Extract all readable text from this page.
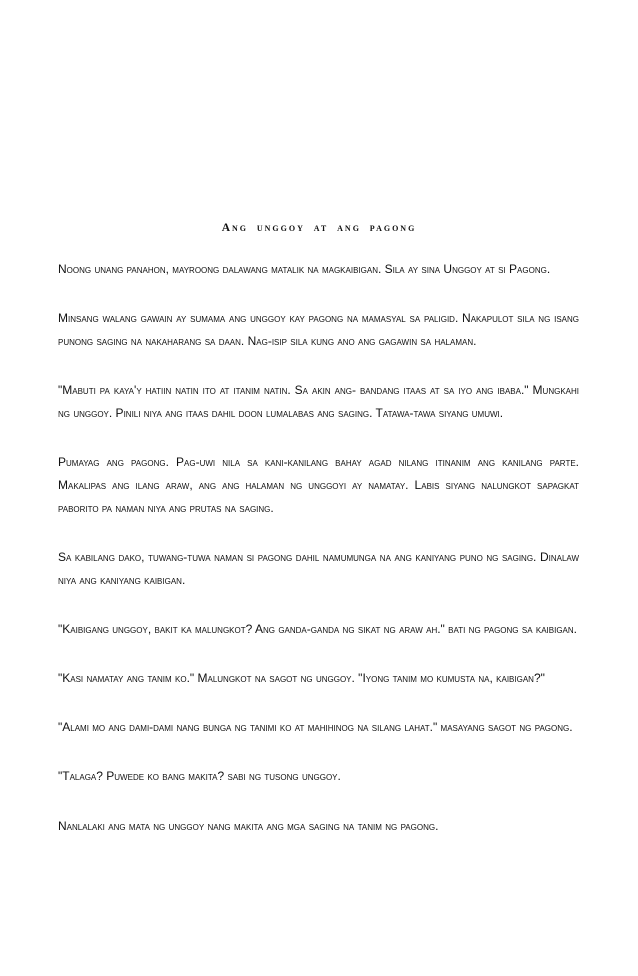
Ang unggoy at ang pagong

Noong unang panahon, mayroong dalawang matalik na magkaibigan. Sila ay sina Unggoy at si Pagong.

Minsang walang gawain ay sumama ang unggoy kay pagong na mamasyal sa paligid. Nakapulot sila ng isang punong saging na nakaharang sa daan. Nag-isip sila kung ano ang gagawin sa halaman.

"Mabuti pa kaya'y hatiin natin ito at itanim natin. Sa akin ang- bandang itaas at sa iyo ang ibaba." Mungkahi ng unggoy. Pinili niya ang itaas dahil doon lumalabas ang saging. Tatawa-tawa siyang umuwi.

Pumayag ang pagong. Pag-uwi nila sa kani-kanilang bahay agad nilang itinanim ang kanilang parte. Makalipas ang ilang araw, ang ang halaman ng unggoyi ay namatay. Labis siyang nalungkot sapagkat paborito pa naman niya ang prutas na saging.

Sa kabilang dako, tuwang-tuwa naman si pagong dahil namumunga na ang kaniyang puno ng saging. Dinalaw niya ang kaniyang kaibigan.

"Kaibigang unggoy, bakit ka malungkot? Ang ganda-ganda ng sikat ng araw ah." bati ng pagong sa kaibigan.

"Kasi namatay ang tanim ko." Malungkot na sagot ng unggoy. "Iyong tanim mo kumusta na, kaibigan?"

"Alami mo ang dami-dami nang bunga ng tanimi ko at mahihinog na silang lahat." masayang sagot ng pagong.

"Talaga? Puwede ko bang makita? sabi ng tusong unggoy.

Nanlalaki ang mata ng unggoy nang makita ang mga saging na tanim ng pagong.
